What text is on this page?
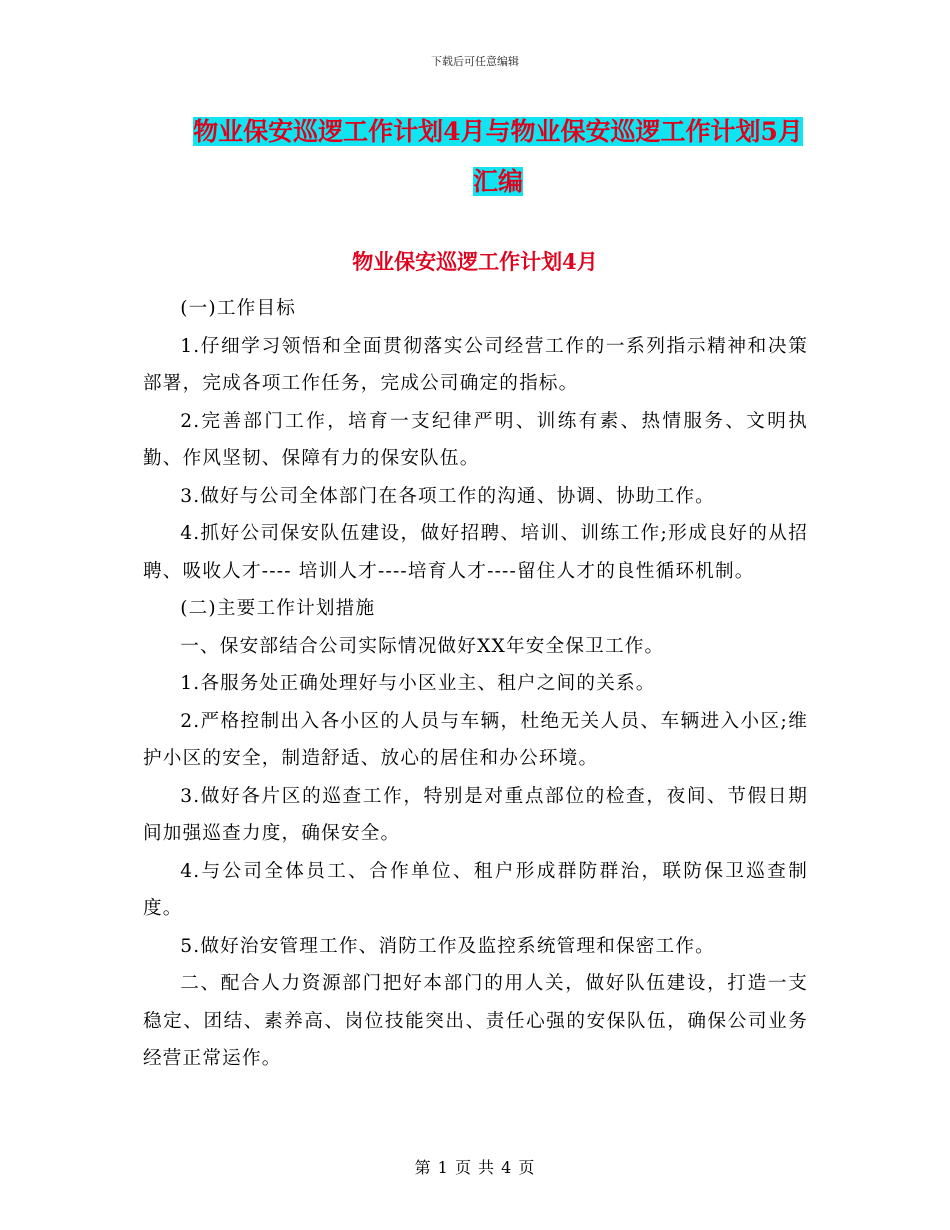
下载后可任意编辑
物业保安巡逻工作计划4月与物业保安巡逻工作计划5月汇编
物业保安巡逻工作计划4月

(一)工作目标

1.仔细学习领悟和全面贯彻落实公司经营工作的一系列指示精神和决策部署，完成各项工作任务，完成公司确定的指标。

2.完善部门工作，培育一支纪律严明、训练有素、热情服务、文明执勤、作风坚韧、保障有力的保安队伍。

3.做好与公司全体部门在各项工作的沟通、协调、协助工作。

4.抓好公司保安队伍建设，做好招聘、培训、训练工作;形成良好的从招聘、吸收人才---- 培训人才----培育人才----留住人才的良性循环机制。

(二)主要工作计划措施

一、保安部结合公司实际情况做好XX年安全保卫工作。

1.各服务处正确处理好与小区业主、租户之间的关系。

2.严格控制出入各小区的人员与车辆，杜绝无关人员、车辆进入小区;维护小区的安全，制造舒适、放心的居住和办公环境。

3.做好各片区的巡查工作，特别是对重点部位的检查，夜间、节假日期间加强巡查力度，确保安全。

4.与公司全体员工、合作单位、租户形成群防群治，联防保卫巡查制度。

5.做好治安管理工作、消防工作及监控系统管理和保密工作。

二、配合人力资源部门把好本部门的用人关，做好队伍建设，打造一支稳定、团结、素养高、岗位技能突出、责任心强的安保队伍，确保公司业务经营正常运作。

第 1 页 共 4 页
